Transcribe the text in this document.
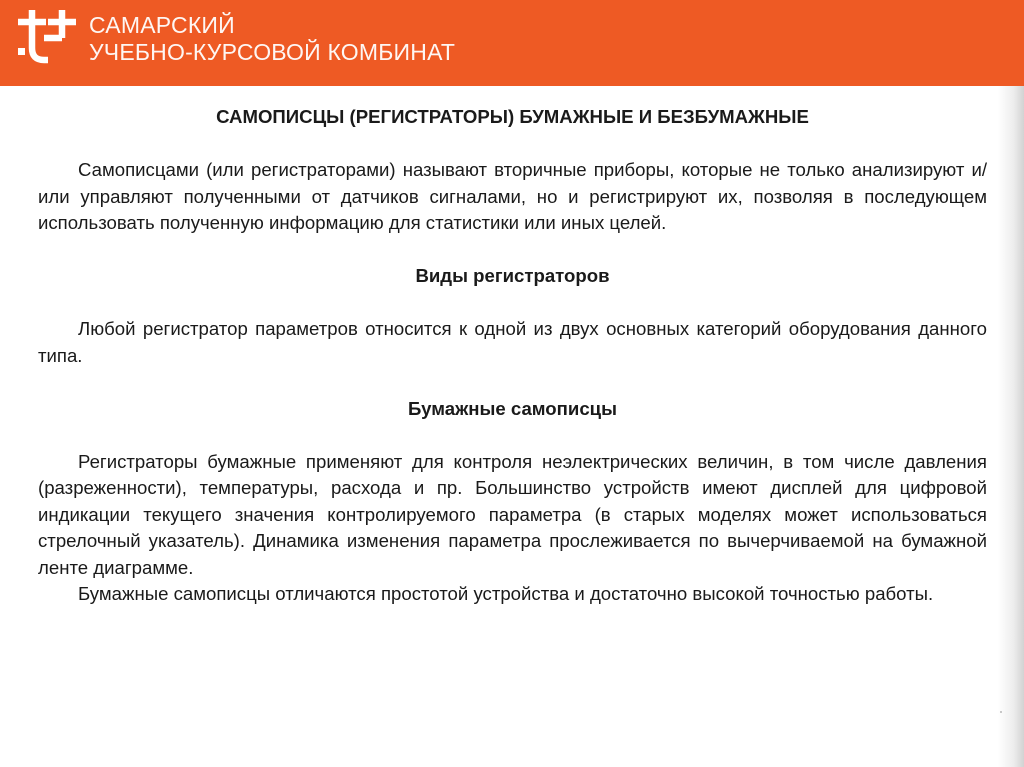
САМАРСКИЙ
УЧЕБНО-КУРСОВОЙ КОМБИНАТ

САМОПИСЦЫ (РЕГИСТРАТОРЫ) БУМАЖНЫЕ И БЕЗБУМАЖНЫЕ

Самописцами (или регистраторами) называют вторичные приборы, которые не только анализируют и/ или управляют полученными от датчиков сигналами, но и регистрируют их, позволяя в последующем использовать полученную информацию для статистики или иных целей.

Виды регистраторов

Любой регистратор параметров относится к одной из двух основных категорий оборудования данного типа.

Бумажные самописцы

Регистраторы бумажные применяют для контроля неэлектрических величин, в том числе давления (разреженности), температуры, расхода и пр. Большинство устройств имеют дисплей для цифровой индикации текущего значения контролируемого параметра (в старых моделях может использоваться стрелочный указатель). Динамика изменения параметра прослеживается по вычерчиваемой на бумажной ленте диаграмме.

Бумажные самописцы отличаются простотой устройства и достаточно высокой точностью работы.
